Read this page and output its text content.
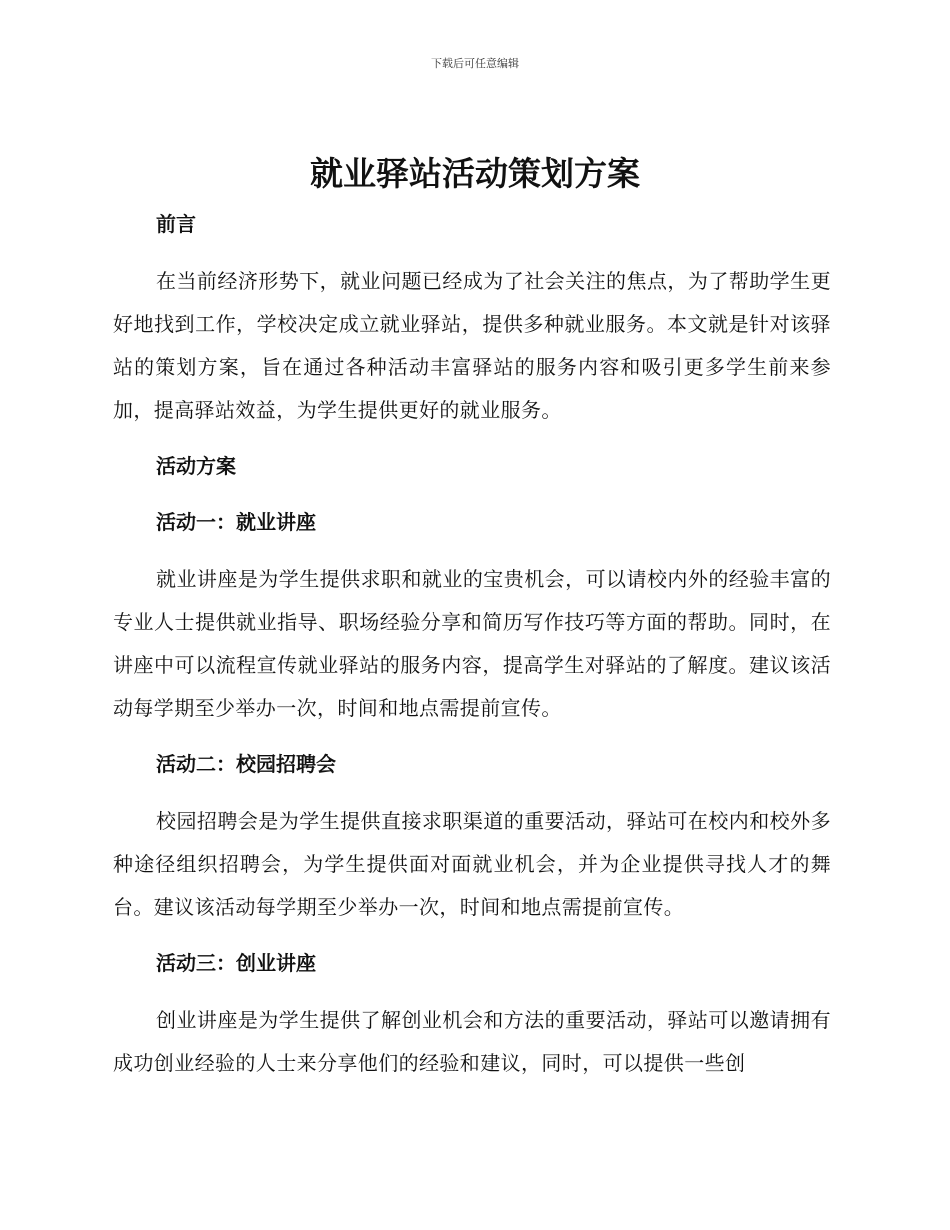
下载后可任意编辑
就业驿站活动策划方案
前言

在当前经济形势下，就业问题已经成为了社会关注的焦点，为了帮助学生更好地找到工作，学校决定成立就业驿站，提供多种就业服务。本文就是针对该驿站的策划方案，旨在通过各种活动丰富驿站的服务内容和吸引更多学生前来参加，提高驿站效益，为学生提供更好的就业服务。

活动方案
活动一：就业讲座

就业讲座是为学生提供求职和就业的宝贵机会，可以请校内外的经验丰富的专业人士提供就业指导、职场经验分享和简历写作技巧等方面的帮助。同时，在讲座中可以流程宣传就业驿站的服务内容，提高学生对驿站的了解度。建议该活动每学期至少举办一次，时间和地点需提前宣传。

活动二：校园招聘会

校园招聘会是为学生提供直接求职渠道的重要活动，驿站可在校内和校外多种途径组织招聘会，为学生提供面对面就业机会，并为企业提供寻找人才的舞台。建议该活动每学期至少举办一次，时间和地点需提前宣传。

活动三：创业讲座

创业讲座是为学生提供了解创业机会和方法的重要活动，驿站可以邀请拥有成功创业经验的人士来分享他们的经验和建议，同时，可以提供一些创
